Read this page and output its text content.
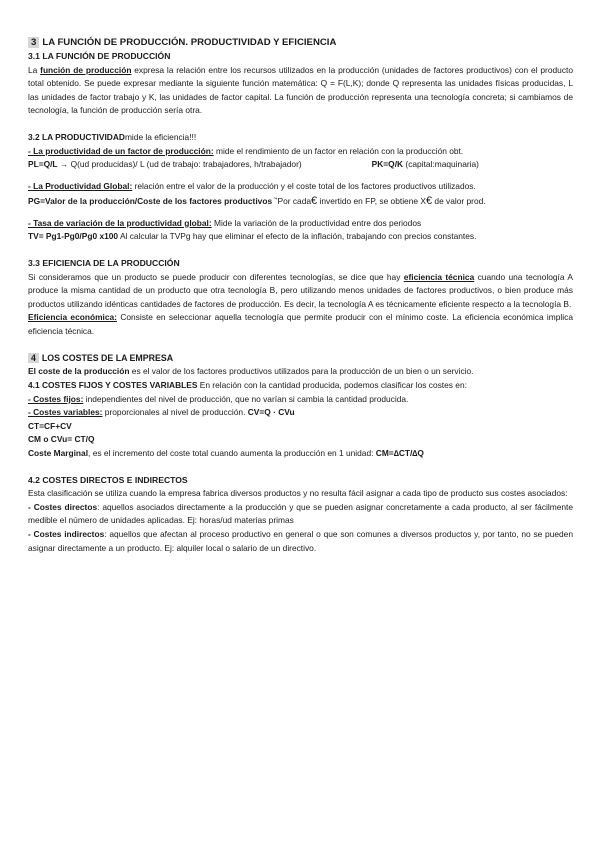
3 LA FUNCIÓN DE PRODUCCIÓN. PRODUCTIVIDAD Y EFICIENCIA

3.1 LA FUNCIÓN DE PRODUCCIÓN

La función de producción expresa la relación entre los recursos utilizados en la producción (unidades de factores productivos) con el producto total obtenido. Se puede expresar mediante la siguiente función matemática: Q = F(L,K); donde Q representa las unidades físicas producidas, L las unidades de factor trabajo y K, las unidades de factor capital. La función de producción representa una tecnología concreta; si cambiamos de tecnología, la función de producción sería otra.

3.2 LA PRODUCTIVIDADmide la eficiencia!!!

- La productividad de un factor de producción: mide el rendimiento de un factor en relación con la producción obt.

PL=Q/L → Q(ud producidas)/ L (ud de trabajo: trabajadores, h/trabajador)	PK=Q/K (capital:maquinaria)

- La Productividad Global: relación entre el valor de la producción y el coste total de los factores productivos utilizados.

PG=Valor de la producción/Coste de los factores productivos ⤳Por cada€ invertido en FP, se obtiene X€ de valor prod.

- Tasa de variación de la productividad global: Mide la variación de la productividad entre dos periodos

TV= Pg1-Pg0/Pg0 x100 Al calcular la TVPg hay que eliminar el efecto de la inflación, trabajando con precios constantes.

3.3 EFICIENCIA DE LA PRODUCCIÓN

Si consideramos que un producto se puede producir con diferentes tecnologías, se dice que hay eficiencia técnica cuando una tecnología A produce la misma cantidad de un producto que otra tecnología B, pero utilizando menos unidades de factores productivos, o bien produce más productos utilizando idénticas cantidades de factores de producción. Es decir, la tecnología A es técnicamente eficiente respecto a la tecnología B.

Eficiencia económica: Consiste en seleccionar aquella tecnología que permite producir con el mínimo coste. La eficiencia económica implica eficiencia técnica.

4 LOS COSTES DE LA EMPRESA

El coste de la producción es el valor de los factores productivos utilizados para la producción de un bien o un servicio.

4.1 COSTES FIJOS Y COSTES VARIABLES En relación con la cantidad producida, podemos clasificar los costes en:

- Costes fijos: independientes del nivel de producción, que no varían si cambia la cantidad producida.

- Costes variables: proporcionales al nivel de producción. CV=Q · CVu

CT=CF+CV

CM o CVu= CT/Q

Coste Marginal, es el incremento del coste total cuando aumenta la producción en 1 unidad: CM=∆CT/∆Q

4.2 COSTES DIRECTOS E INDIRECTOS

Esta clasificación se utiliza cuando la empresa fabrica diversos productos y no resulta fácil asignar a cada tipo de producto sus costes asociados:

- Costes directos: aquellos asociados directamente a la producción y que se pueden asignar concretamente a cada producto, al ser fácilmente medible el número de unidades aplicadas. Ej: horas/ud materias primas

- Costes indirectos: aquellos que afectan al proceso productivo en general o que son comunes a diversos productos y, por tanto, no se pueden asignar directamente a un producto. Ej: alquiler local o salario de un directivo.
